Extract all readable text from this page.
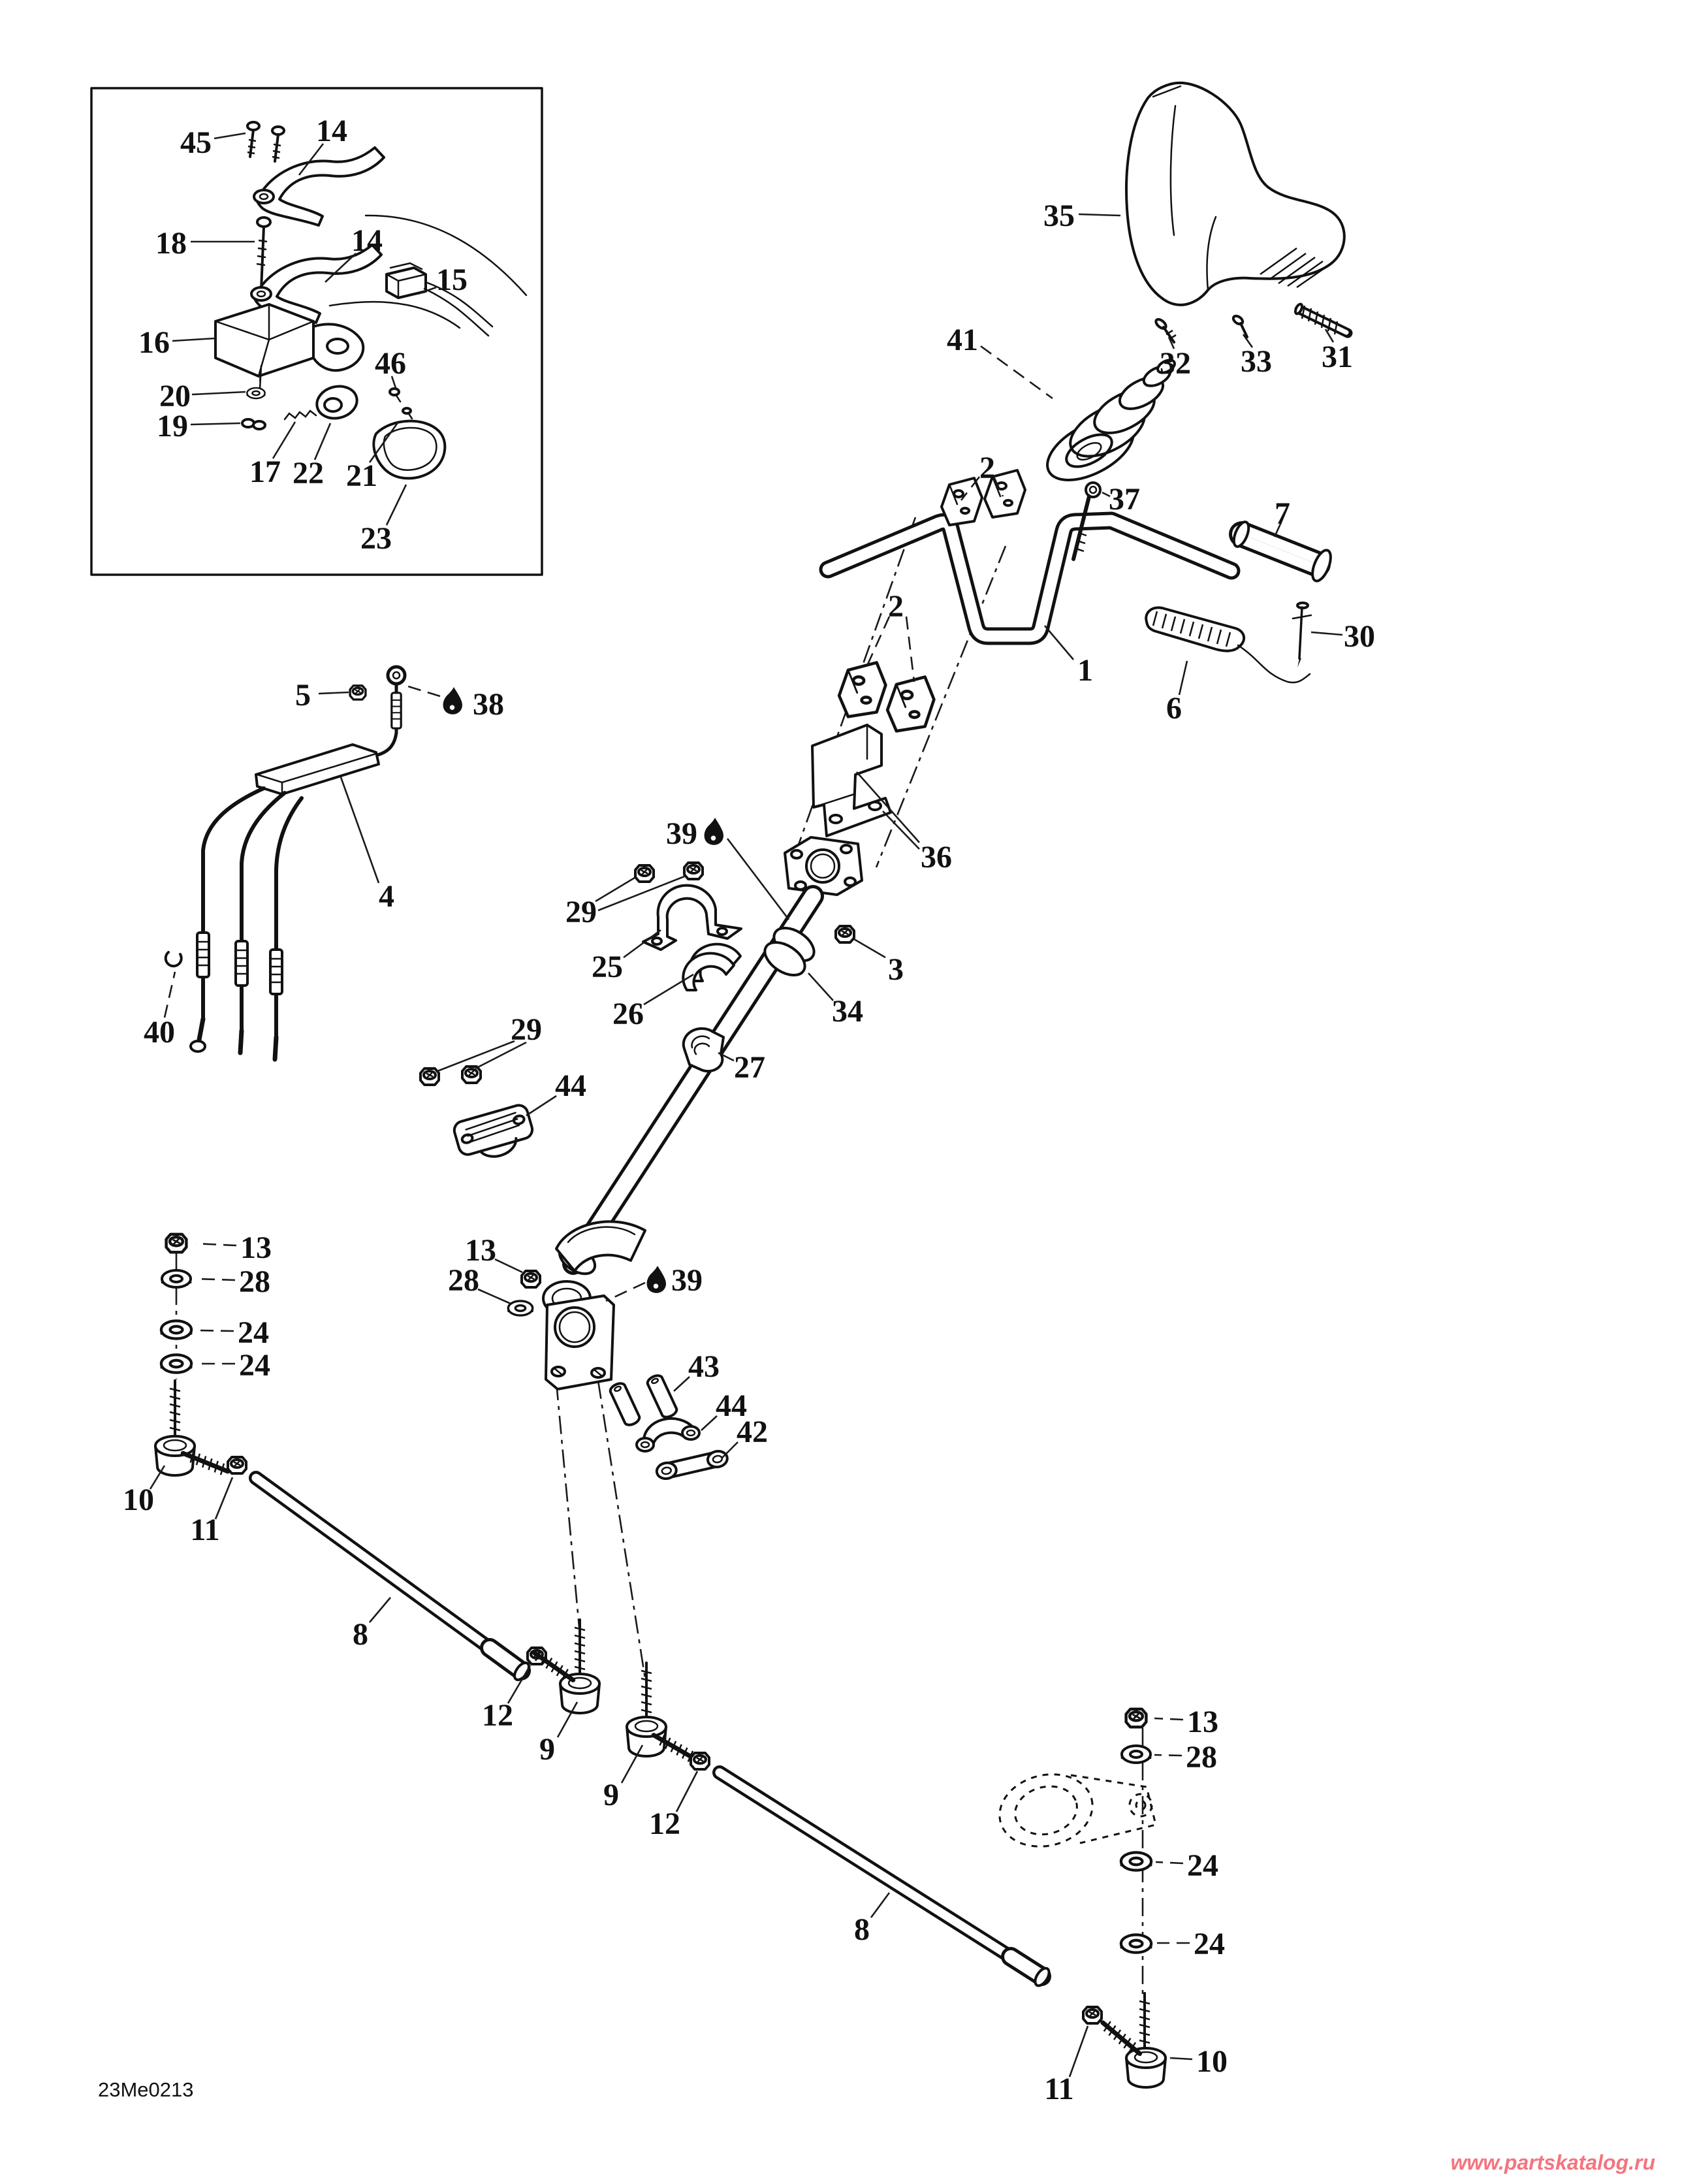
45	14
18	14
15
16
20
19
17 22 21
46
23
35
41
32 33 31
2
37	7
30
1
6
2
36
5	38
4
40
39
29
25
26
3
34
27
29
44
13
28	39
43
44
42
13
28
24
24
10
11
8
12
9
9
12
8
13
28
24
24
10
11
23Me0213
www.partskatalog.ru
